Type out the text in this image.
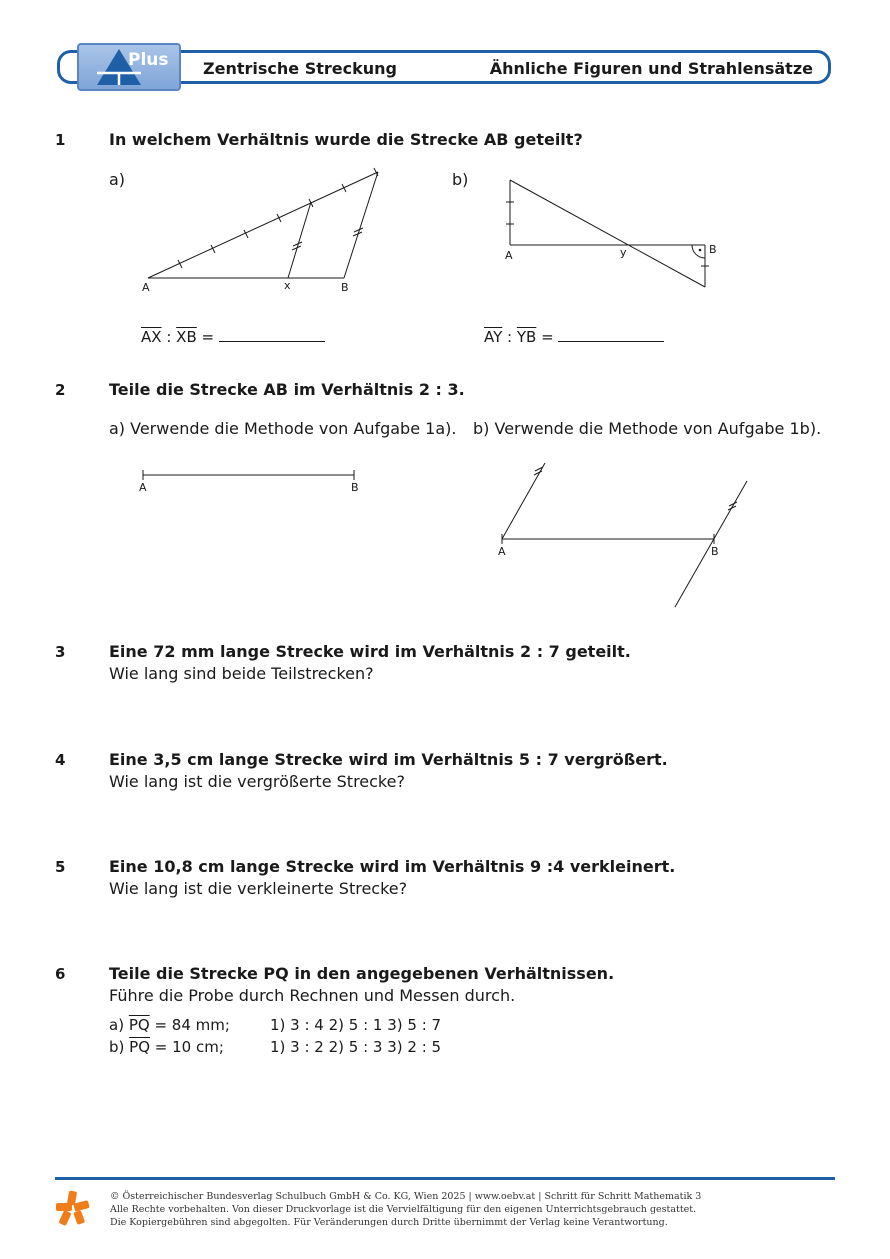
Plus Zentrische Streckung	Ähnliche Figuren und Strahlensätze
1	In welchem Verhältnis wurde die Strecke AB geteilt?
a)	b)
A	x	B
A	y	B
$\overline{AX}$ : $\overline{XB}$ =	$\overline{AY}$ : $\overline{YB}$ =
2	Teile die Strecke AB im Verhältnis 2 : 3.
a) Verwende die Methode von Aufgabe 1a). b) Verwende die Methode von Aufgabe 1b).
A	B
A	B
3	Eine 72 mm lange Strecke wird im Verhältnis 2 : 7 geteilt.
Wie lang sind beide Teilstrecken?
4	Eine 3,5 cm lange Strecke wird im Verhältnis 5 : 7 vergrößert.
Wie lang ist die vergrößerte Strecke?
5	Eine 10,8 cm lange Strecke wird im Verhältnis 9 :4 verkleinert.
Wie lang ist die verkleinerte Strecke?
6	Teile die Strecke PQ in den angegebenen Verhältnissen.
Führe die Probe durch Rechnen und Messen durch.
a) $\overline{PQ} = 84$ mm;	1) 3 : 4 2) 5 : 1 3) 5 : 7
b) $\overline{PQ} = 10$ cm;	1) 3 : 2 2) 5 : 3 3) 2 : 5
© Österreichischer Bundesverlag Schulbuch GmbH & Co. KG, Wien 2025 | www.oebv.at | Schritt für Schritt Mathematik 3
Alle Rechte vorbehalten. Von dieser Druckvorlage ist die Vervielfältigung für den eigenen Unterrichtsgebrauch gestattet.
Die Kopiergebühren sind abgegolten. Für Veränderungen durch Dritte übernimmt der Verlag keine Verantwortung.
